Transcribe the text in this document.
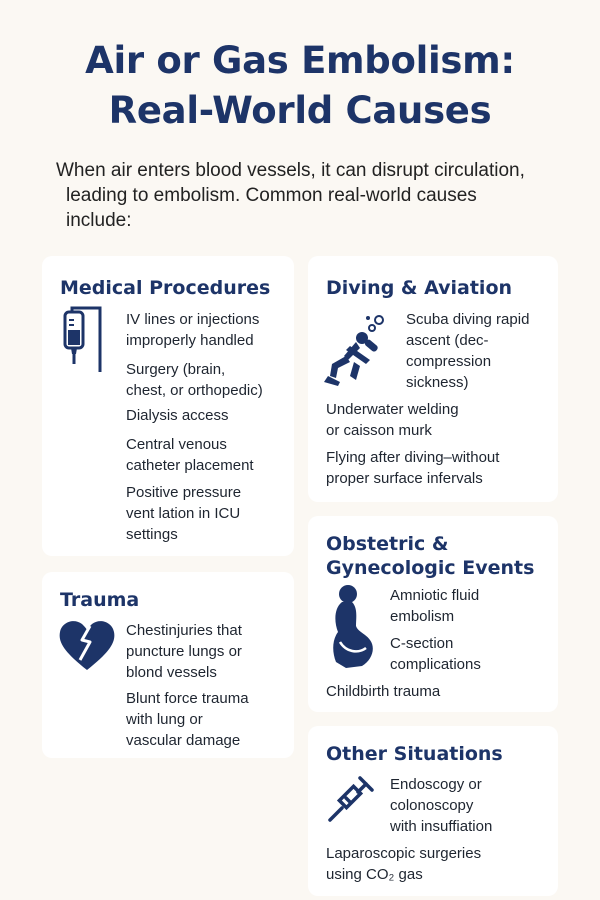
Air or Gas Embolism:
Real-World Causes
When air enters blood vessels, it can disrupt circulation,
leading to embolism. Common real-world causes
include:
Medical Procedures
IV lines or injections
improperly handled
Surgery (brain,
chest, or orthopedic)
Dialysis access
Central venous
catheter placement
Positive pressure
vent lation in ICU
settings
Diving & Aviation
Scuba diving rapid
ascent (dec-
compression
sickness)
Underwater welding
or caisson murk
Flying after diving–without
proper surface infervals
Trauma
Chestinjuries that
puncture lungs or
blond vessels
Blunt force trauma
with lung or
vascular damage
Obstetric &
Gynecologic Events
Amniotic fluid
embolism
C-section
complications
Childbirth trauma
Other Situations
Endoscogy or
colonoscopy
with insuffiation
Laparoscopic surgeries
using CO₂ gas
